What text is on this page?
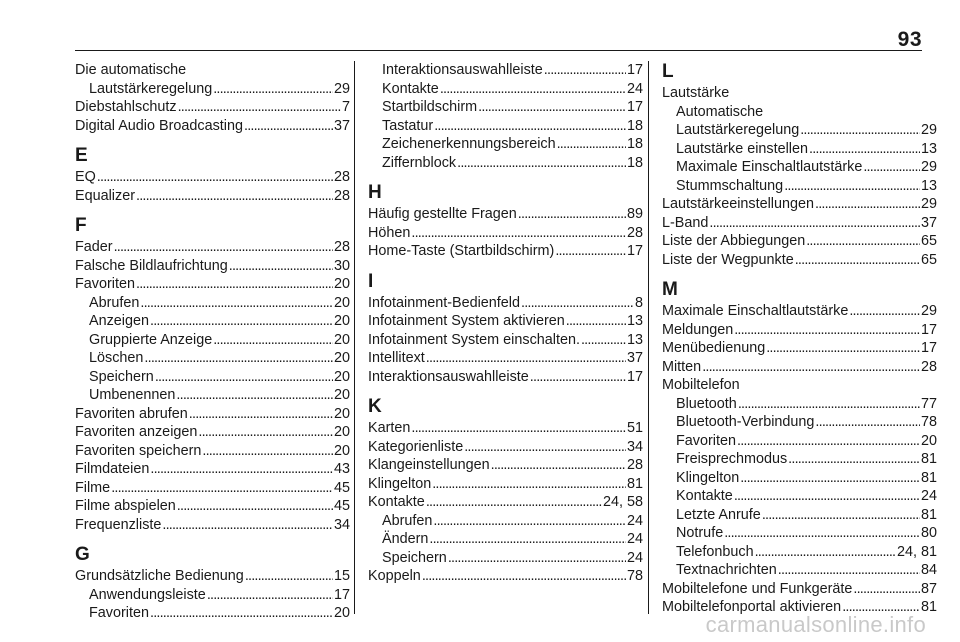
93
Die automatische
Lautstärkeregelung . . .	29
Diebstahlschutz . . .	7
Digital Audio Broadcasting . . .	37
E
EQ . . .	28
Equalizer . . .	28
F
Fader . . .	28
Falsche Bildlaufrichtung . . .	30
Favoriten . . .	20
Abrufen . . .	20
Anzeigen . . .	20
Gruppierte Anzeige . . .	20
Löschen . . .	20
Speichern . . .	20
Umbenennen . . .	20
Favoriten abrufen . . .	20
Favoriten anzeigen . . .	20
Favoriten speichern . . .	20
Filmdateien . . .	43
Filme . . .	45
Filme abspielen . . .	45
Frequenzliste . . .	34
G
Grundsätzliche Bedienung . . .	15
Anwendungsleiste . . .	17
Favoriten . . .	20
Interaktionsauswahlleiste . . .	17
Kontakte . . .	24
Startbildschirm . . .	17
Tastatur . . .	18
Zeichenerkennungsbereich . . .	18
Ziffernblock . . .	18
H
Häufig gestellte Fragen . . .	89
Höhen . . .	28
Home-Taste (Startbildschirm) . . .	17
I
Infotainment-Bedienfeld . . .	8
Infotainment System aktivieren . . .	13
Infotainment System einschalten. . . .	13
Intellitext . . .	37
Interaktionsauswahlleiste . . .	17
K
Karten . . .	51
Kategorienliste . . .	34
Klangeinstellungen . . .	28
Klingelton . . .	81
Kontakte . . .	24, 58
Abrufen . . .	24
Ändern . . .	24
Speichern . . .	24
Koppeln . . .	78
L
Lautstärke
Automatische
Lautstärkeregelung . . .	29
Lautstärke einstellen . . .	13
Maximale Einschaltlautstärke . . .	29
Stummschaltung . . .	13
Lautstärkeeinstellungen . . .	29
L-Band . . .	37
Liste der Abbiegungen . . .	65
Liste der Wegpunkte . . .	65
M
Maximale Einschaltlautstärke . . .	29
Meldungen . . .	17
Menübedienung . . .	17
Mitten . . .	28
Mobiltelefon
Bluetooth . . .	77
Bluetooth-Verbindung . . .	78
Favoriten . . .	20
Freisprechmodus . . .	81
Klingelton . . .	81
Kontakte . . .	24
Letzte Anrufe . . .	81
Notrufe . . .	80
Telefonbuch . . .	24, 81
Textnachrichten . . .	84
Mobiltelefone und Funkgeräte . . .	87
Mobiltelefonportal aktivieren . . .	81
carmanualsonline.info
